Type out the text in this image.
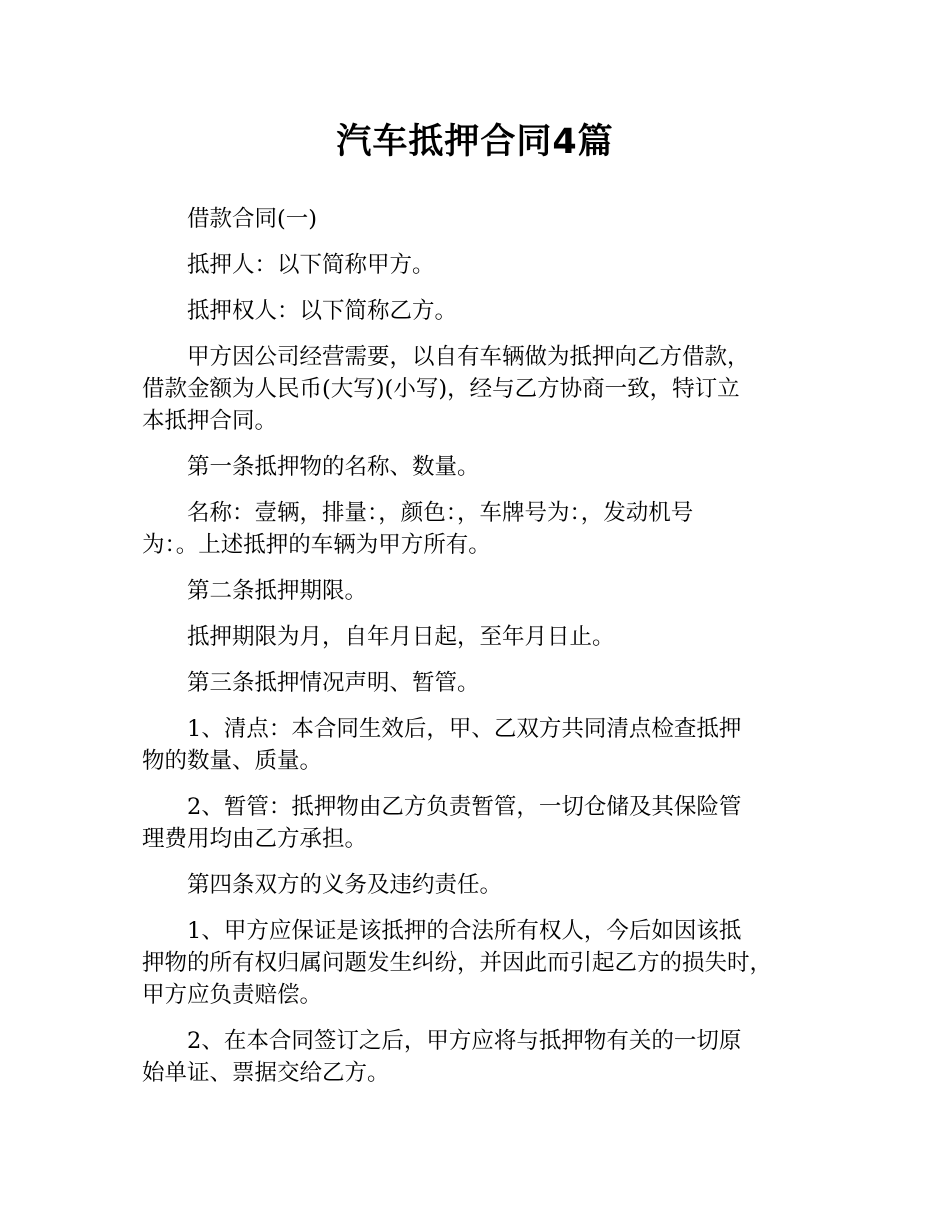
汽车抵押合同4篇

借款合同(一)

抵押人：以下简称甲方。

抵押权人：以下简称乙方。

甲方因公司经营需要，以自有车辆做为抵押向乙方借款，
借款金额为人民币(大写)(小写)，经与乙方协商一致，特订立
本抵押合同。

第一条抵押物的名称、数量。

名称：壹辆，排量：，颜色：，车牌号为：，发动机号
为：。上述抵押的车辆为甲方所有。

第二条抵押期限。

抵押期限为月，自年月日起，至年月日止。

第三条抵押情况声明、暂管。

1、清点：本合同生效后，甲、乙双方共同清点检查抵押
物的数量、质量。

2、暂管：抵押物由乙方负责暂管，一切仓储及其保险管
理费用均由乙方承担。

第四条双方的义务及违约责任。

1、甲方应保证是该抵押的合法所有权人，今后如因该抵
押物的所有权归属问题发生纠纷，并因此而引起乙方的损失时，
甲方应负责赔偿。

2、在本合同签订之后，甲方应将与抵押物有关的一切原
始单证、票据交给乙方。
